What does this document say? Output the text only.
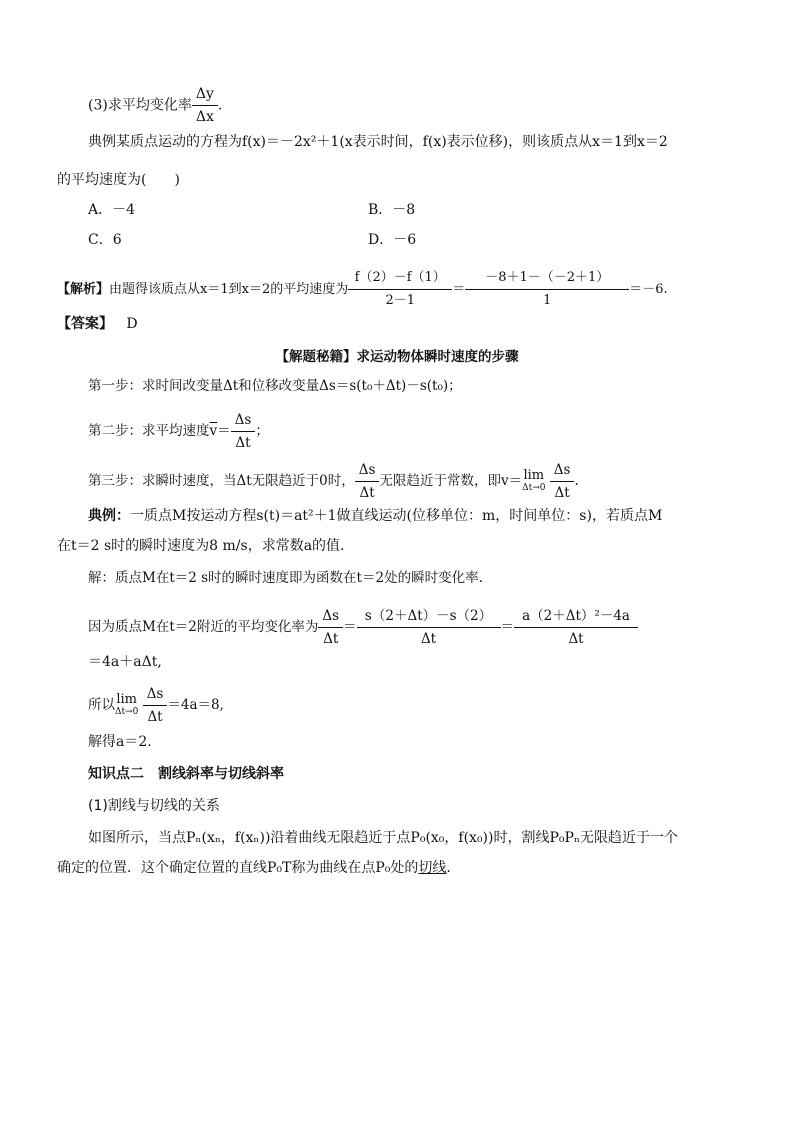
(3)求平均变化率 $\frac{\Delta y}{\Delta x}$ .
典例某质点运动的方程为f(x)＝－2x²＋1(x表示时间，f(x)表示位移)，则该质点从x＝1到x＝2
的平均速度为(　　)
A．－4	B．－8
C．6	D．－6
【解析】由题得该质点从x＝1到x＝2的平均速度为 $\frac{f(2)-f(1)}{2-1} = \frac{-8+1-(-2+1)}{1} =-6$.
【答案】 D
【解题秘籍】求运动物体瞬时速度的步骤
第一步：求时间改变量Δt和位移改变量Δs＝s(t₀＋Δt)－s(t₀)；
第二步：求平均速度$\overline{v}= \frac{\Delta s}{\Delta t}$ ；
第三步：求瞬时速度，当Δt无限趋近于0时， $\frac{\Delta s}{\Delta t}$ 无限趋近于常数，即v＝ lim
Δt→0
$\frac{\Delta s}{\Delta t}$ .
典例：一质点M按运动方程s(t)＝at²＋1做直线运动(位移单位：m，时间单位：s)，若质点M
在t＝2 s时的瞬时速度为8 m/s，求常数a的值.
解：质点M在t＝2 s时的瞬时速度即为函数在t＝2处的瞬时变化率.
因为质点M在t＝2附近的平均变化率为 $\frac{\Delta s}{\Delta t} = \frac{s(2+\Delta t)-s(2)}{\Delta t} = \frac{\text{a（2＋Δt）²－4a}}{\Delta t}$
＝4a＋aΔt,
所以 lim
Δt→0
$\frac{\Delta s}{\Delta t} =4a=8$,
解得a＝2.
知识点二　割线斜率与切线斜率
(1)割线与切线的关系
如图所示，当点Pₙ(xₙ，f(xₙ))沿着曲线无限趋近于点P₀(x₀，f(x₀))时，割线P₀Pₙ无限趋近于一个
确定的位置．这个确定位置的直线P₀T称为曲线在点P₀处的切线.
